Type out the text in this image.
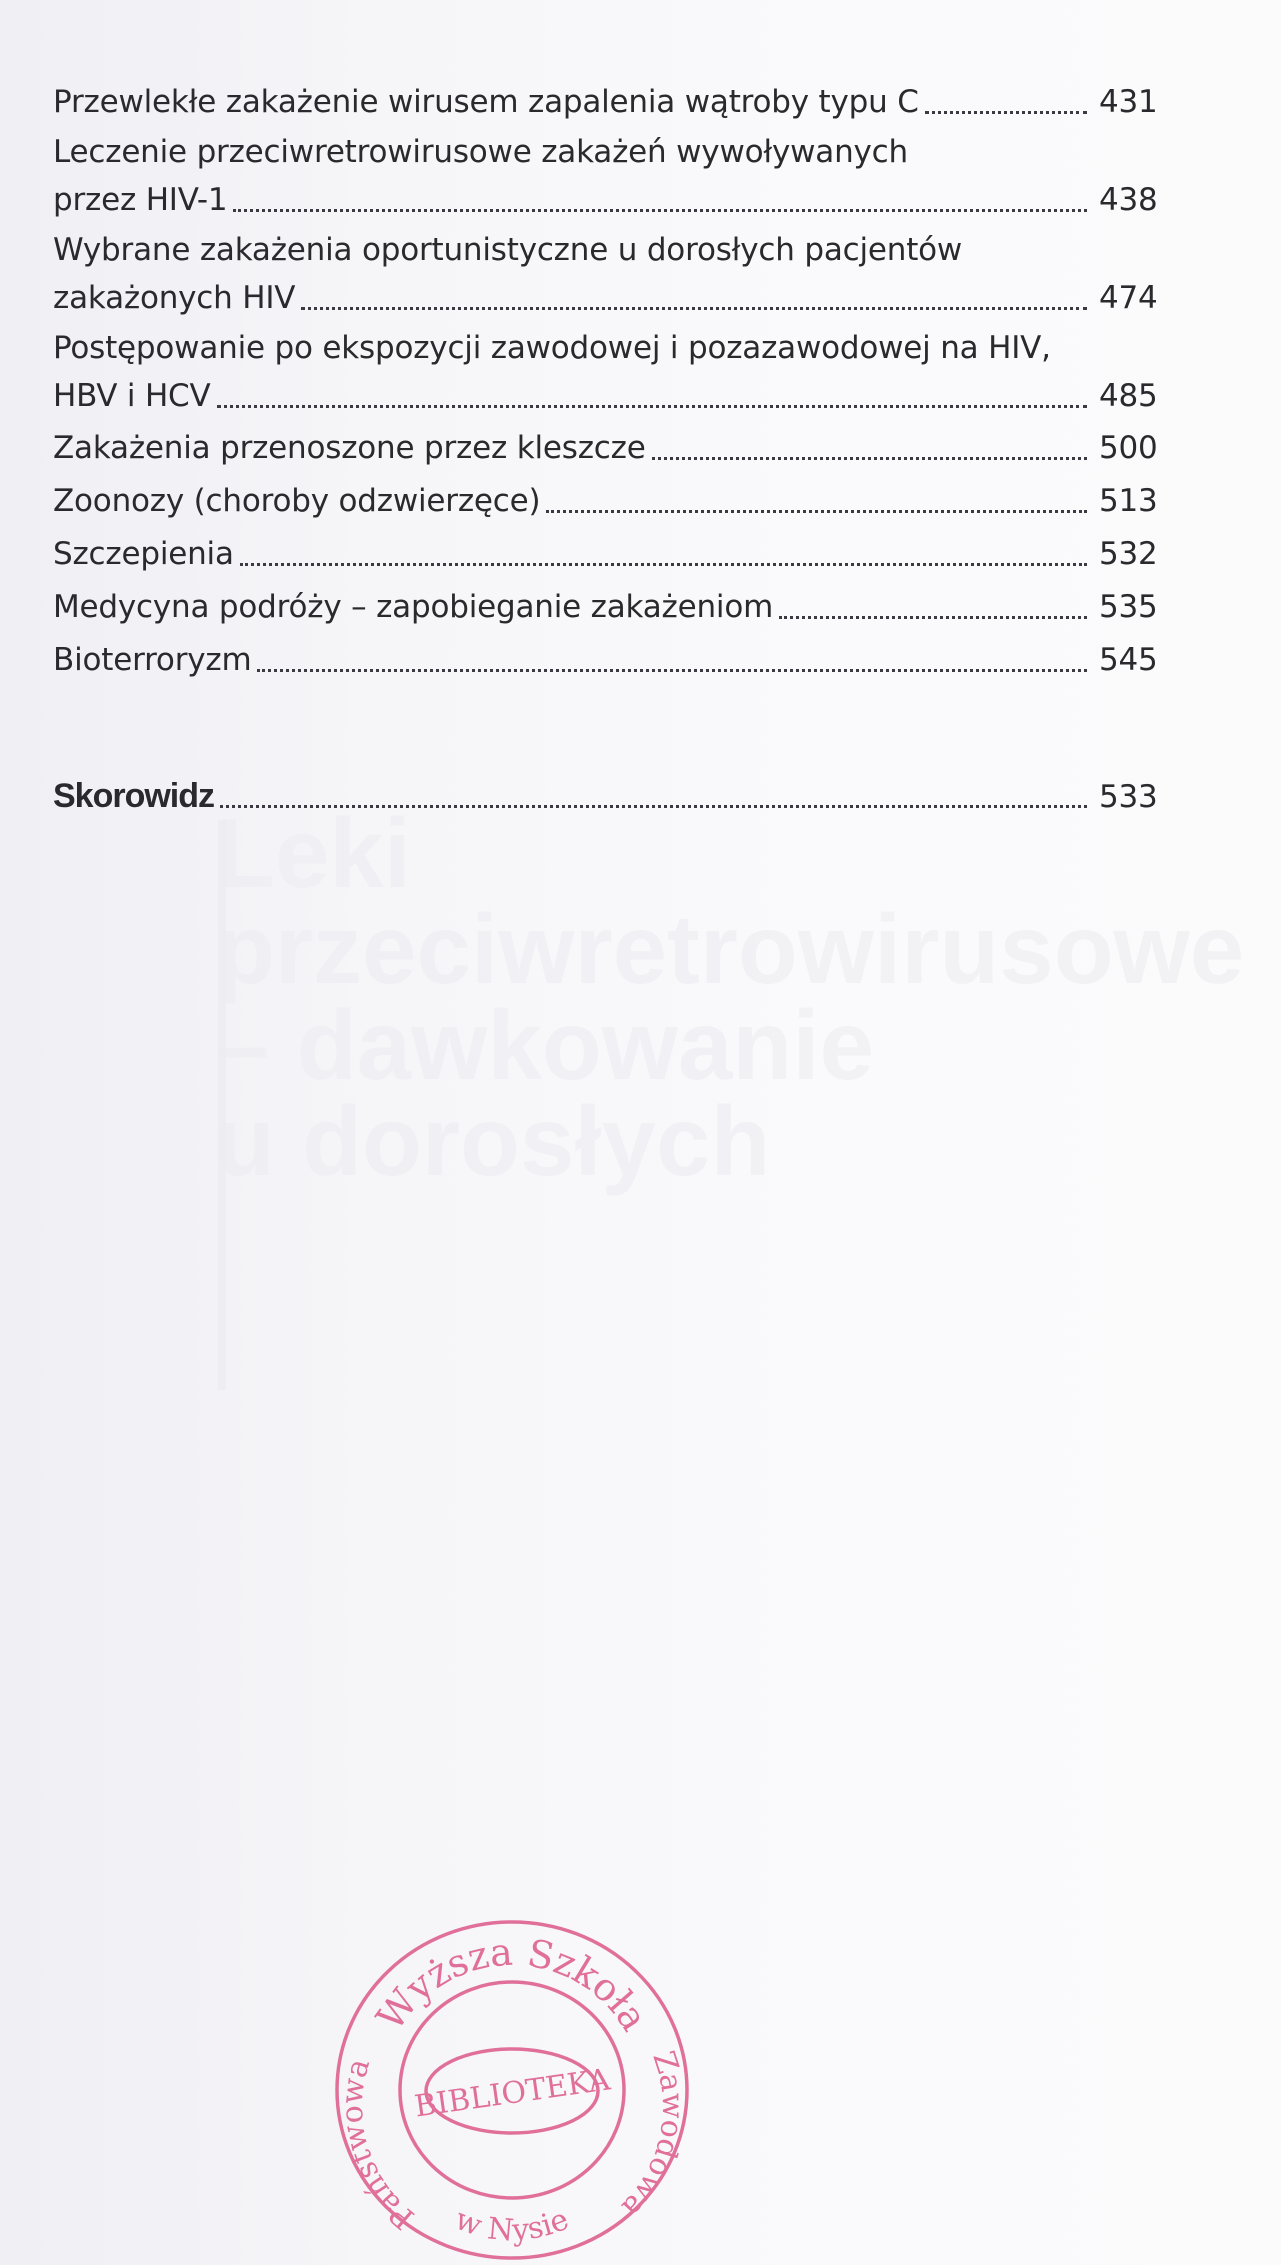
Leki
przeciwretrowirusowe
– dawkowanie
u dorosłych
Przewlekłe zakażenie wirusem zapalenia wątroby typu C	431
Leczenie przeciwretrowirusowe zakażeń wywoływanych
przez HIV-1	438
Wybrane zakażenia oportunistyczne u dorosłych pacjentów
zakażonych HIV	474
Postępowanie po ekspozycji zawodowej i pozazawodowej na HIV,
HBV i HCV	485
Zakażenia przenoszone przez kleszcze	500
Zoonozy (choroby odzwierzęce)	513
Szczepienia	532
Medycyna podróży – zapobieganie zakażeniom	535
Bioterroryzm	545
Skorowidz	533
Wyższa Szkoła
Zawodowa
Państwowa
w Nysie
BIBLIOTEKA
